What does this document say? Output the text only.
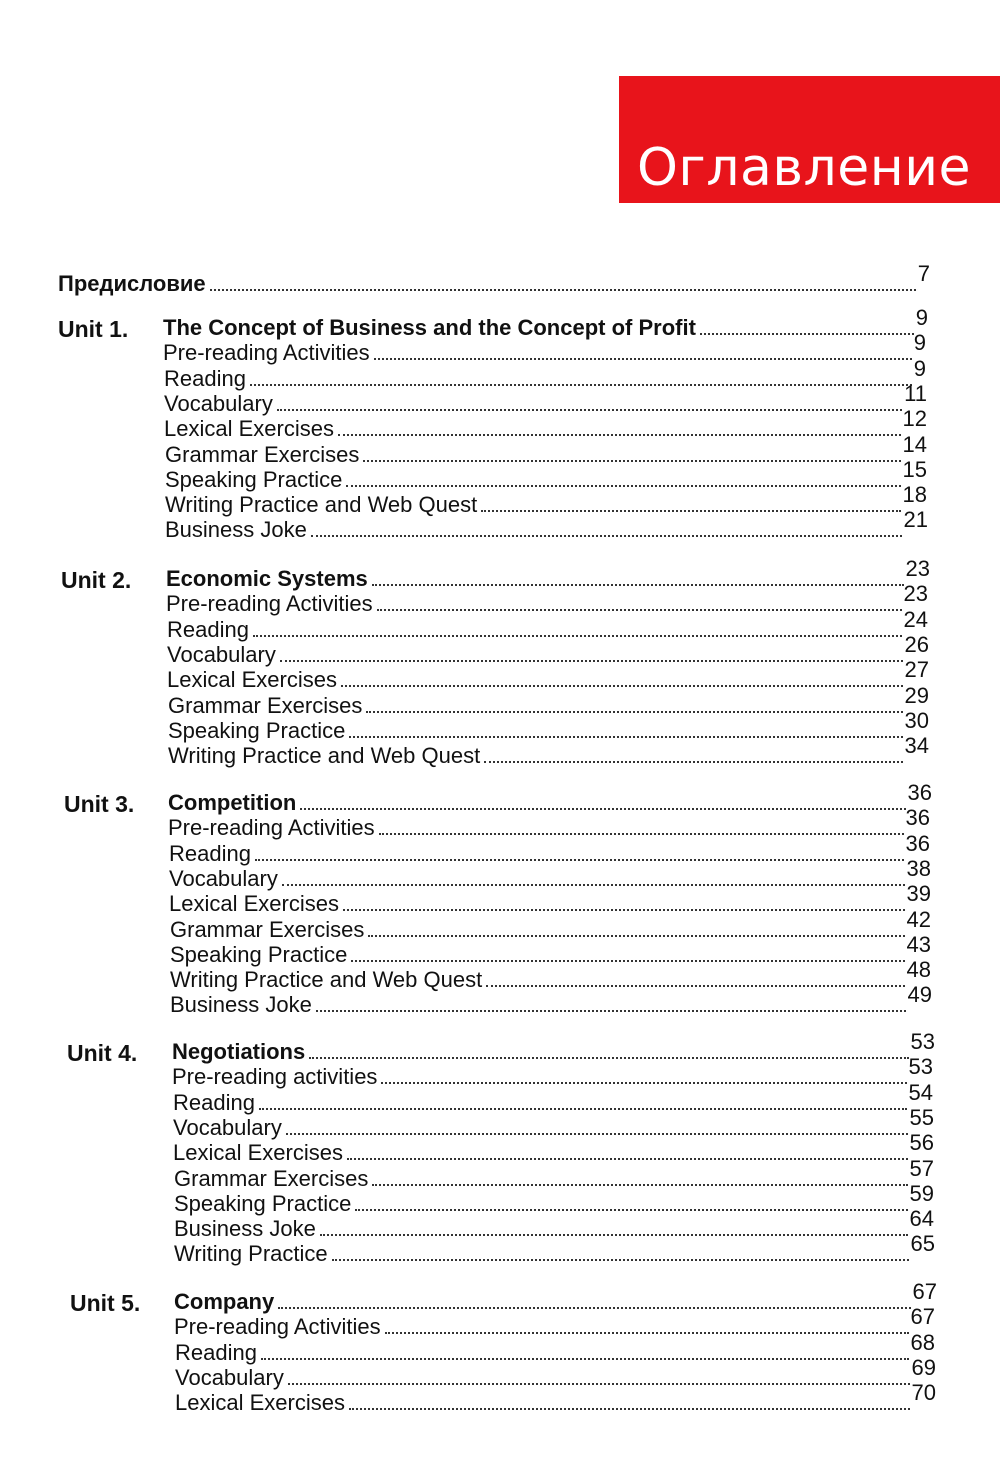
Оглавление
Предисловие	7
Unit 1. The Concept of Business and the Concept of Profit	9
Pre-reading Activities	9
Reading	9
Vocabulary	11
Lexical Exercises	12
Grammar Exercises	14
Speaking Practice	15
Writing Practice and Web Quest	18
Business Joke	21
Unit 2. Economic Systems	23
Pre-reading Activities	23
Reading	24
Vocabulary	26
Lexical Exercises	27
Grammar Exercises	29
Speaking Practice	30
Writing Practice and Web Quest	34
Unit 3. Competition	36
Pre-reading Activities	36
Reading	36
Vocabulary	38
Lexical Exercises	39
Grammar Exercises	42
Speaking Practice	43
Writing Practice and Web Quest	48
Business Joke	49
Unit 4. Negotiations	53
Pre-reading activities	53
Reading	54
Vocabulary	55
Lexical Exercises	56
Grammar Exercises	57
Speaking Practice	59
Business Joke	64
Writing Practice	65
Unit 5. Company	67
Pre-reading Activities	67
Reading	68
Vocabulary	69
Lexical Exercises	70
